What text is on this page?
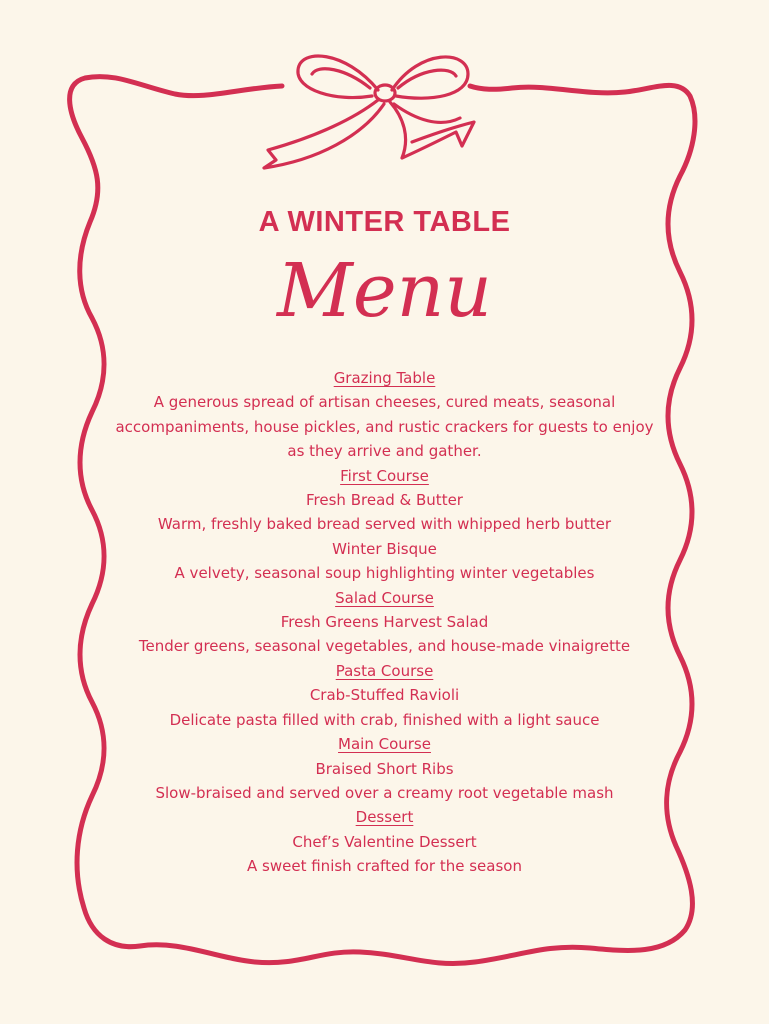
A WINTER TABLE
Menu
Grazing Table
A generous spread of artisan cheeses, cured meats, seasonal accompaniments, house pickles, and rustic crackers for guests to enjoy as they arrive and gather.
First Course
Fresh Bread & Butter
Warm, freshly baked bread served with whipped herb butter
Winter Bisque
A velvety, seasonal soup highlighting winter vegetables
Salad Course
Fresh Greens Harvest Salad
Tender greens, seasonal vegetables, and house-made vinaigrette
Pasta Course
Crab-Stuffed Ravioli
Delicate pasta filled with crab, finished with a light sauce
Main Course
Braised Short Ribs
Slow-braised and served over a creamy root vegetable mash
Dessert
Chef’s Valentine Dessert
A sweet finish crafted for the season
